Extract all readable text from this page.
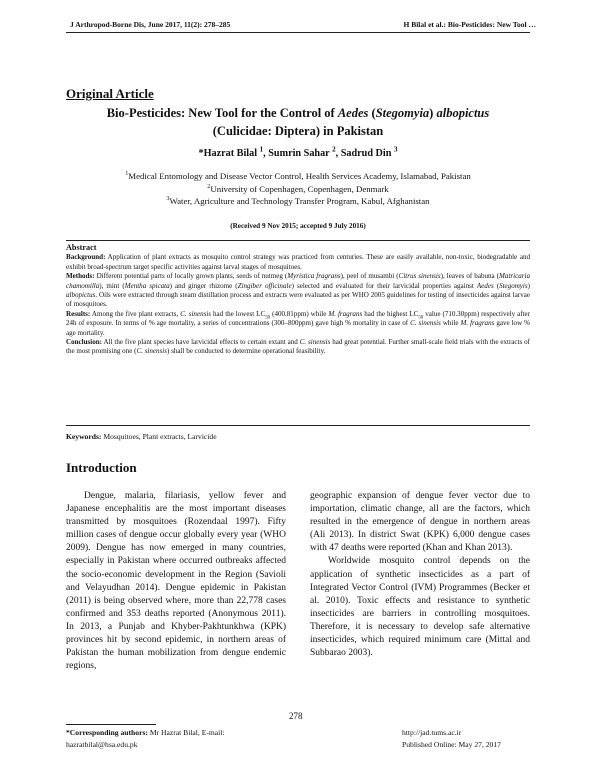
J Arthropod-Borne Dis, June 2017, 11(2): 278–285	H Bilal et al.: Bio-Pesticides: New Tool …
Original Article
Bio-Pesticides: New Tool for the Control of Aedes (Stegomyia) albopictus
(Culicidae: Diptera) in Pakistan
*Hazrat Bilal $^1$, Sumrin Sahar $^2$, Sadrud Din $^3$
$^1$Medical Entomology and Disease Vector Control, Health Services Academy, Islamabad, Pakistan
$^2$University of Copenhagen, Copenhagen, Denmark
$^3$Water, Agriculture and Technology Transfer Program, Kabul, Afghanistan
(Received 9 Nov 2015; accepted 9 July 2016)
Abstract

Background: Application of plant extracts as mosquito control strategy was practiced from centuries. These are easily available, non-toxic, biodegradable and exhibit broad-spectrum target specific activities against larval stages of mosquitoes.

Methods: Different potential parts of locally grown plants, seeds of nutmeg (Myristica fragrans), peel of musambi (Citrus sinensis), leaves of babuna (Matricaria chamomilla), mint (Mentha spicata) and ginger rhizome (Zingiber officinale) selected and evaluated for their larvicidal properties against Aedes (Stegomyis) albopictus. Oils were extracted through steam distillation process and extracts were evaluated as per WHO 2005 guidelines for testing of insecticides against larvae of mosquitoes.

Results: Among the five plant extracts, C. sinensis had the lowest $LC_{50}$ (400.81ppm) while M. fragrans had the highest $LC_{50}$ value (710.30ppm) respectively after 24h of exposure. In terms of % age mortality, a series of concentrations (300–800ppm) gave high % mortality in case of C. sinensis while M. fragrans gave low % age mortality.

Conclusion: All the five plant species have larvicidal effects to certain extant and C. sinensis had great potential. Further small-scale field trials with the extracts of the most promising one (C. sinensis) shall be conducted to determine operational feasibility.

Keywords: Mosquitoes, Plant extracts, Larvicide
Introduction

Dengue, malaria, filariasis, yellow fever and Japanese encephalitis are the most important diseases transmitted by mosquitoes (Rozendaal 1997). Fifty million cases of dengue occur globally every year (WHO 2009). Dengue has now emerged in many countries, especially in Pakistan where occurred outbreaks affected the socio-economic development in the Region (Savioli and Velayudhan 2014). Dengue epidemic in Pakistan (2011) is being observed where, more than 22,778 cases confirmed and 353 deaths reported (Anonymous 2011). In 2013, a Punjab and Khyber-Pakhtunkhwa (KPK) provinces hit by second epidemic, in northern areas of Pakistan the human mobilization from dengue endemic regions,

geographic expansion of dengue fever vector due to importation, climatic change, all are the factors, which resulted in the emergence of dengue in northern areas (Ali 2013). In district Swat (KPK) 6,000 dengue cases with 47 deaths were reported (Khan and Khan 2013).

Worldwide mosquito control depends on the application of synthetic insecticides as a part of Integrated Vector Control (IVM) Programmes (Becker et al. 2010). Toxic effects and resistance to synthetic insecticides are barriers in controlling mosquitoes. Therefore, it is necessary to develop safe alternative insecticides, which required minimum care (Mittal and Subbarao 2003).

278
*Corresponding authors: Mr Hazrat Bilal, E-mail:
hazratbilal@hsa.edu.pk
http://jad.tums.ac.ir
Published Online: May 27, 2017
